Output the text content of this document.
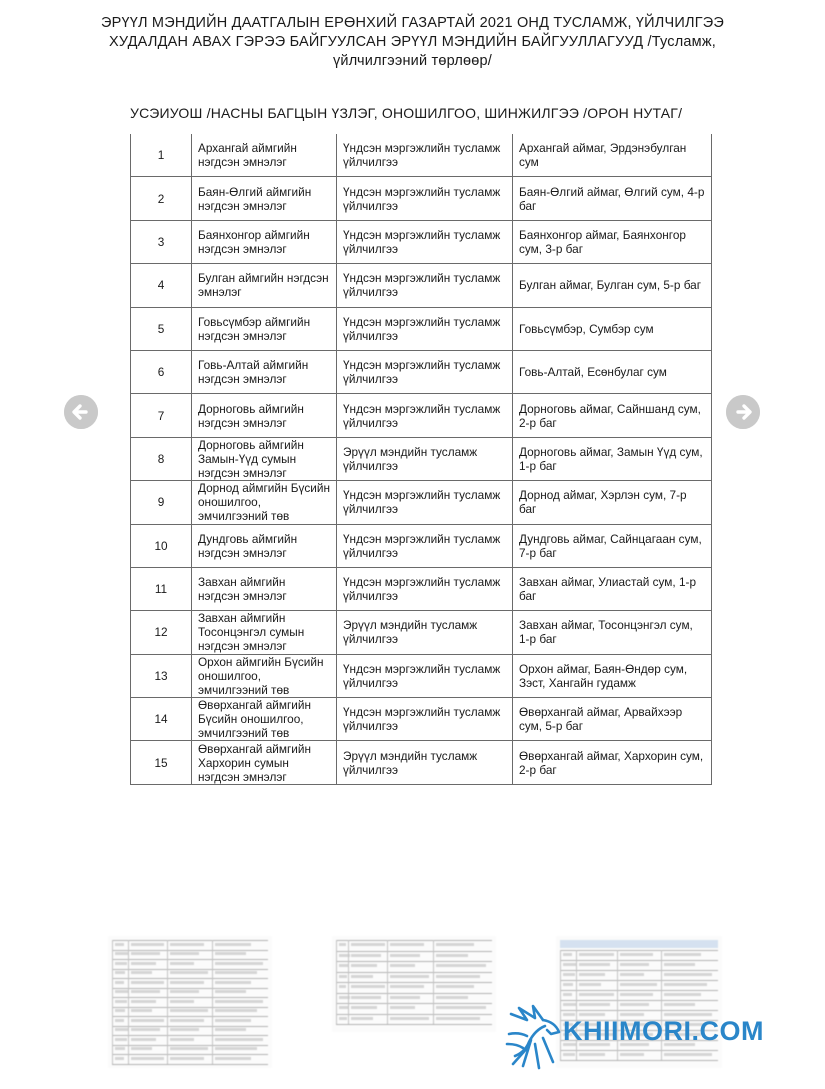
ЭРҮҮЛ МЭНДИЙН ДААТГАЛЫН ЕРӨНХИЙ ГАЗАРТАЙ 2021 ОНД ТУСЛАМЖ, ҮЙЛЧИЛГЭЭ ХУДАЛДАН АВАХ ГЭРЭЭ БАЙГУУЛСАН ЭРҮҮЛ МЭНДИЙН БАЙГУУЛЛАГУУД /Тусламж, үйлчилгээний төрлөөр/
УСЭИУОШ /НАСНЫ БАГЦЫН ҮЗЛЭГ, ОНОШИЛГОО, ШИНЖИЛГЭЭ /ОРОН НУТАГ/
1	Архангай аймгийн нэгдсэн эмнэлэг	Үндсэн мэргэжлийн тусламж үйлчилгээ	Архангай аймаг, Эрдэнэбулган сум
2	Баян-Өлгий аймгийн нэгдсэн эмнэлэг	Үндсэн мэргэжлийн тусламж үйлчилгээ	Баян-Өлгий аймаг, Өлгий сум, 4-р баг
3	Баянхонгор аймгийн нэгдсэн эмнэлэг	Үндсэн мэргэжлийн тусламж үйлчилгээ	Баянхонгор аймаг, Баянхонгор сум, 3-р баг
4	Булган аймгийн нэгдсэн эмнэлэг	Үндсэн мэргэжлийн тусламж үйлчилгээ	Булган аймаг, Булган сум, 5-р баг
5	Говьсүмбэр аймгийн нэгдсэн эмнэлэг	Үндсэн мэргэжлийн тусламж үйлчилгээ	Говьсүмбэр, Сумбэр сум
6	Говь-Алтай аймгийн нэгдсэн эмнэлэг	Үндсэн мэргэжлийн тусламж үйлчилгээ	Говь-Алтай, Есөнбулаг сум
7	Дорноговь аймгийн нэгдсэн эмнэлэг	Үндсэн мэргэжлийн тусламж үйлчилгээ	Дорноговь аймаг, Сайншанд сум, 2-р баг
8	Дорноговь аймгийн Замын-Үүд сумын нэгдсэн эмнэлэг	Эрүүл мэндийн тусламж үйлчилгээ	Дорноговь аймаг, Замын Үүд сум, 1-р баг
9	Дорнод аймгийн Бүсийн оношилгоо, эмчилгээний төв	Үндсэн мэргэжлийн тусламж үйлчилгээ	Дорнод аймаг, Хэрлэн сум, 7-р баг
10	Дундговь аймгийн нэгдсэн эмнэлэг	Үндсэн мэргэжлийн тусламж үйлчилгээ	Дундговь аймаг, Сайнцагаан сум, 7-р баг
11	Завхан аймгийн нэгдсэн эмнэлэг	Үндсэн мэргэжлийн тусламж үйлчилгээ	Завхан аймаг, Улиастай сум, 1-р баг
12	Завхан аймгийн Тосонцэнгэл сумын нэгдсэн эмнэлэг	Эрүүл мэндийн тусламж үйлчилгээ	Завхан аймаг, Тосонцэнгэл сум, 1-р баг
13	Орхон аймгийн Бүсийн оношилгоо, эмчилгээний төв	Үндсэн мэргэжлийн тусламж үйлчилгээ	Орхон аймаг, Баян-Өндөр сум, Зэст, Хангайн гудамж
14	Өвөрхангай аймгийн Бүсийн оношилгоо, эмчилгээний төв	Үндсэн мэргэжлийн тусламж үйлчилгээ	Өвөрхангай аймаг, Арвайхээр сум, 5-р баг
15	Өвөрхангай аймгийн Хархорин сумын нэгдсэн эмнэлэг	Эрүүл мэндийн тусламж үйлчилгээ	Өвөрхангай аймаг, Хархорин сум, 2-р баг
KHIIMORI.COM
